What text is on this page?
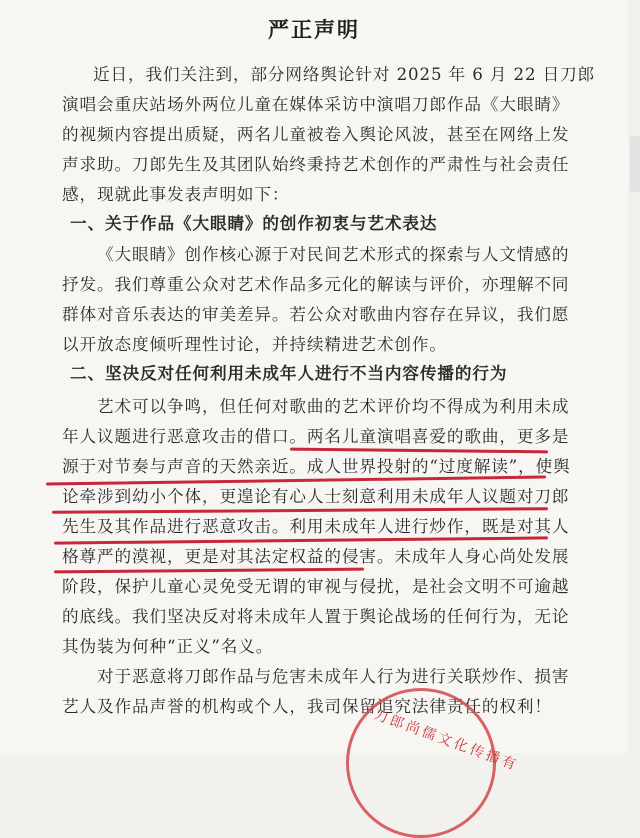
严正声明
近日，我们关注到，部分网络舆论针对 2025 年 6 月 22 日刀郎
演唱会重庆站场外两位儿童在媒体采访中演唱刀郎作品《大眼睛》
的视频内容提出质疑，两名儿童被卷入舆论风波，甚至在网络上发
声求助。刀郎先生及其团队始终秉持艺术创作的严肃性与社会责任
感，现就此事发表声明如下：
一、关于作品《大眼睛》的创作初衷与艺术表达
《大眼睛》创作核心源于对民间艺术形式的探索与人文情感的
抒发。我们尊重公众对艺术作品多元化的解读与评价，亦理解不同
群体对音乐表达的审美差异。若公众对歌曲内容存在异议，我们愿
以开放态度倾听理性讨论，并持续精进艺术创作。
二、坚决反对任何利用未成年人进行不当内容传播的行为
艺术可以争鸣，但任何对歌曲的艺术评价均不得成为利用未成
年人议题进行恶意攻击的借口。两名儿童演唱喜爱的歌曲，更多是
源于对节奏与声音的天然亲近。成人世界投射的“过度解读”，使舆
论牵涉到幼小个体，更遑论有心人士刻意利用未成年人议题对刀郎
先生及其作品进行恶意攻击。利用未成年人进行炒作，既是对其人
格尊严的漠视，更是对其法定权益的侵害。未成年人身心尚处发展
阶段，保护儿童心灵免受无谓的审视与侵扰，是社会文明不可逾越
的底线。我们坚决反对将未成年人置于舆论战场的任何行为，无论
其伪装为何种“正义”名义。
对于恶意将刀郎作品与危害未成年人行为进行关联炒作、损害
艺人及作品声誉的机构或个人，我司保留追究法律责任的权利！
刀郎尚儒文化传播有
